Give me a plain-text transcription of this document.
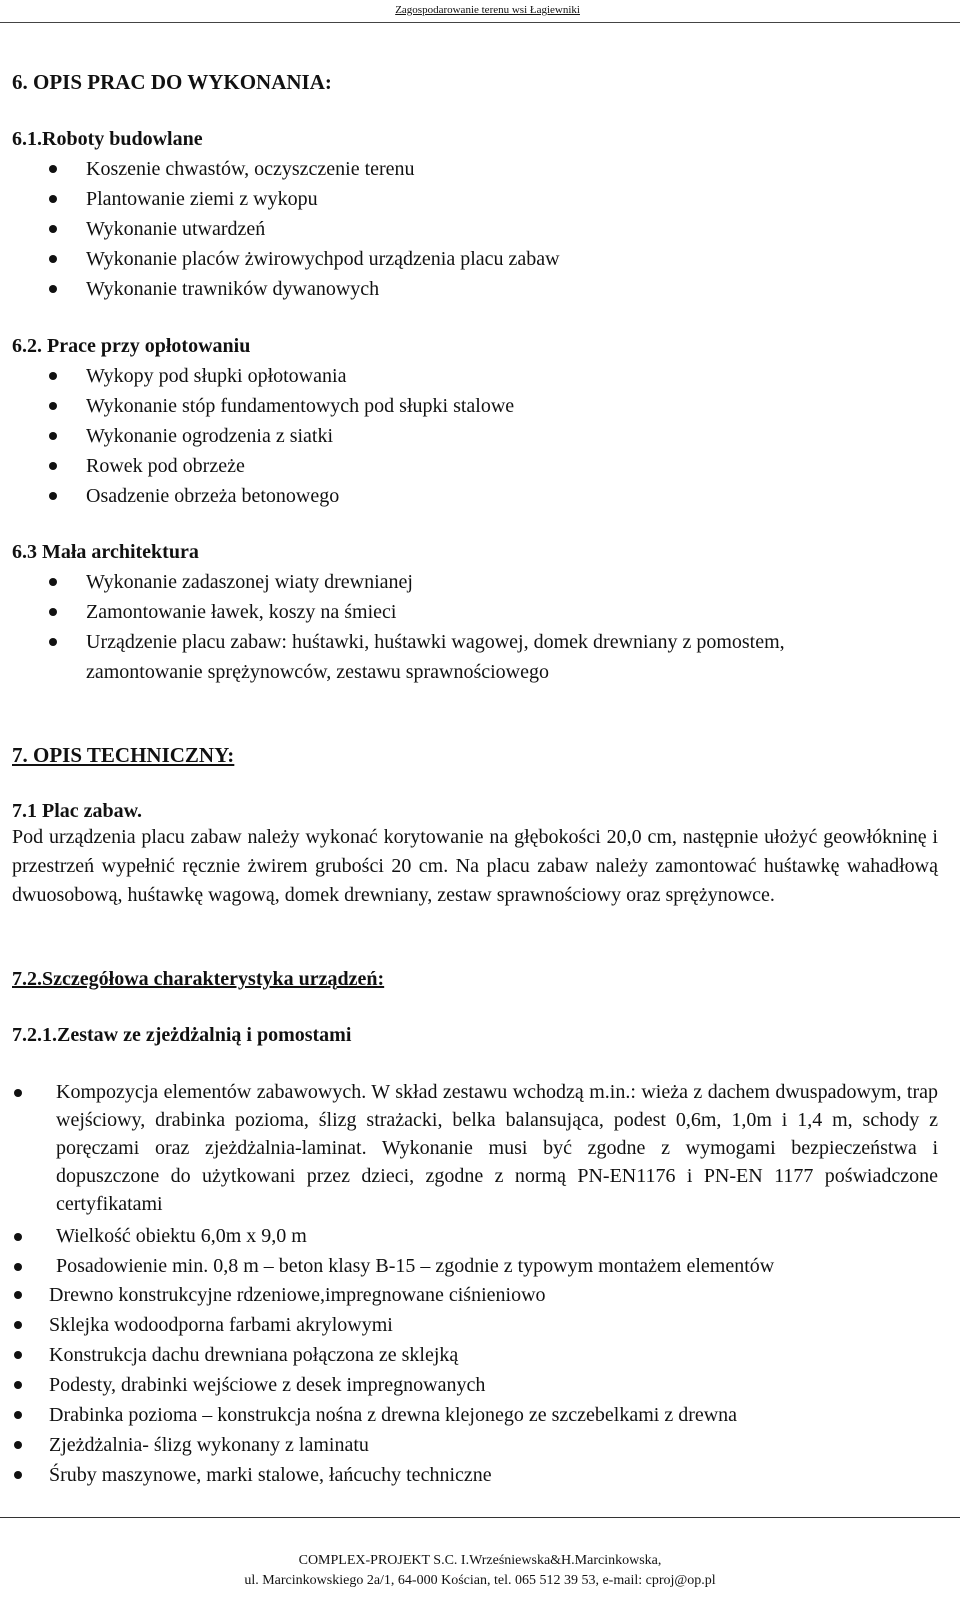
Zagospodarowanie terenu wsi Łagiewniki
6. OPIS PRAC DO WYKONANIA:
6.1.Roboty budowlane
Koszenie chwastów, oczyszczenie terenu
Plantowanie ziemi z wykopu
Wykonanie utwardzeń
Wykonanie placów żwirowychpod urządzenia placu zabaw
Wykonanie trawników dywanowych
6.2. Prace przy opłotowaniu
Wykopy pod słupki opłotowania
Wykonanie stóp fundamentowych pod słupki stalowe
Wykonanie ogrodzenia z siatki
Rowek pod obrzeże
Osadzenie obrzeża betonowego
6.3 Mała architektura
Wykonanie zadaszonej wiaty drewnianej
Zamontowanie ławek, koszy na śmieci
Urządzenie placu zabaw: huśtawki, huśtawki wagowej, domek drewniany z pomostem, zamontowanie sprężynowców, zestawu sprawnościowego
7. OPIS TECHNICZNY:
7.1 Plac zabaw.
Pod urządzenia placu zabaw należy wykonać korytowanie na głębokości 20,0 cm, następnie ułożyć geowłókninę i przestrzeń wypełnić ręcznie żwirem grubości 20 cm. Na placu zabaw należy zamontować huśtawkę wahadłową dwuosobową, huśtawkę wagową, domek drewniany, zestaw sprawnościowy oraz sprężynowce.
7.2.Szczegółowa charakterystyka urządzeń:
7.2.1.Zestaw ze zjeżdżalnią i pomostami
Kompozycja elementów zabawowych. W skład zestawu wchodzą m.in.: wieża z dachem dwuspadowym, trap wejściowy, drabinka pozioma, ślizg strażacki, belka balansująca, podest 0,6m, 1,0m i 1,4 m, schody z poręczami oraz zjeżdżalnia-laminat. Wykonanie musi być zgodne z wymogami bezpieczeństwa i dopuszczone do użytkowani przez dzieci, zgodne z normą PN-EN1176 i PN-EN 1177 poświadczone certyfikatami
Wielkość obiektu 6,0m x 9,0 m
Posadowienie min. 0,8 m – beton klasy B-15 – zgodnie z typowym montażem elementów
Drewno konstrukcyjne rdzeniowe,impregnowane ciśnieniowo
Sklejka wodoodporna farbami akrylowymi
Konstrukcja dachu drewniana połączona ze sklejką
Podesty, drabinki wejściowe z desek impregnowanych
Drabinka pozioma – konstrukcja nośna z drewna klejonego ze szczebelkami z drewna
Zjeżdżalnia- ślizg wykonany z laminatu
Śruby maszynowe, marki stalowe, łańcuchy techniczne
COMPLEX-PROJEKT S.C. I.Wrześniewska&H.Marcinkowska,
ul. Marcinkowskiego 2a/1, 64-000 Kościan, tel. 065 512 39 53, e-mail: cproj@op.pl
